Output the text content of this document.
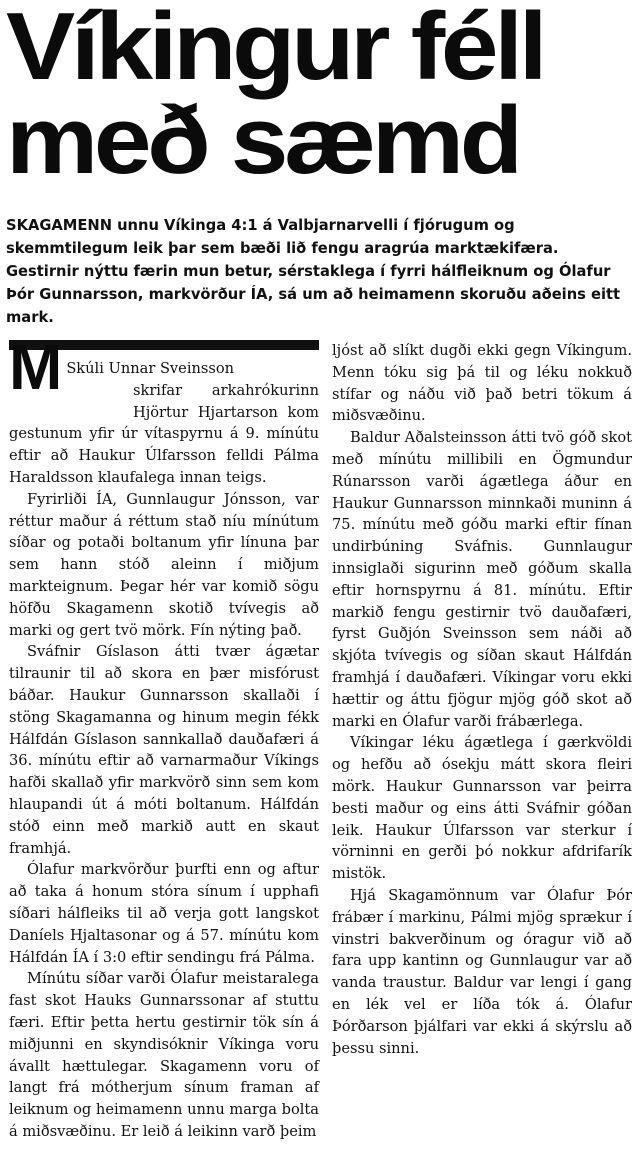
Víkingur féll
með sæmd
SKAGAMENN unnu Víkinga 4:1 á Valbjarnarvelli í fjórugum og skemmtilegum leik þar sem bæði lið fengu aragrúa marktækifæra. Gestirnir nýttu færin mun betur, sérstaklega í fyrri hálfleiknum og Ólafur Þór Gunnarsson, markvörður ÍA, sá um að heimamenn skoruðu aðeins eitt mark.

M Skúli Unnar Sveinsson
skrifar arkahrókurinn Hjörtur Hjartarson kom gestunum yfir úr vítaspyrnu á 9. mínútu eftir að Haukur Úlfarsson felldi Pálma Haraldsson klaufalega innan teigs.

Fyrirliði ÍA, Gunnlaugur Jónsson, var réttur maður á réttum stað níu mínútum síðar og potaði boltanum yfir línuna þar sem hann stóð aleinn í miðjum markteignum. Þegar hér var komið sögu höfðu Skagamenn skotið tvívegis að marki og gert tvö mörk. Fín nýting það.

Sváfnir Gíslason átti tvær ágætar tilraunir til að skora en þær misfórust báðar. Haukur Gunnarsson skallaði í stöng Skagamanna og hinum megin fékk Hálfdán Gíslason sannkallað dauðafæri á 36. mínútu eftir að varnarmaður Víkings hafði skallað yfir markvörð sinn sem kom hlaupandi út á móti boltanum. Hálfdán stóð einn með markið autt en skaut framhjá.

Ólafur markvörður þurfti enn og aftur að taka á honum stóra sínum í upphafi síðari hálfleiks til að verja gott langskot Daníels Hjaltasonar og á 57. mínútu kom Hálfdán ÍA í 3:0 eftir sendingu frá Pálma.

Mínútu síðar varði Ólafur meistaralega fast skot Hauks Gunnarssonar af stuttu færi. Eftir þetta hertu gestirnir tök sín á miðjunni en skyndisóknir Víkinga voru ávallt hættulegar. Skagamenn voru of langt frá mótherjum sínum framan af leiknum og heimamenn unnu marga bolta á miðsvæðinu. Er leið á leikinn varð þeim

ljóst að slíkt dugði ekki gegn Víkingum. Menn tóku sig þá til og léku nokkuð stífar og náðu við það betri tökum á miðsvæðinu.

Baldur Aðalsteinsson átti tvö góð skot með mínútu millibili en Ögmundur Rúnarsson varði ágætlega áður en Haukur Gunnarsson minnkaði muninn á 75. mínútu með góðu marki eftir fínan undirbúning Sváfnis. Gunnlaugur innsiglaði sigurinn með góðum skalla eftir hornspyrnu á 81. mínútu. Eftir markið fengu gestirnir tvö dauðafæri, fyrst Guðjón Sveinsson sem náði að skjóta tvívegis og síðan skaut Hálfdán framhjá í dauðafæri. Víkingar voru ekki hættir og áttu fjögur mjög góð skot að marki en Ólafur varði frábærlega.

Víkingar léku ágætlega í gærkvöldi og hefðu að ósekju mátt skora fleiri mörk. Haukur Gunnarsson var þeirra besti maður og eins átti Sváfnir góðan leik. Haukur Úlfarsson var sterkur í vörninni en gerði þó nokkur afdrifarík mistök.

Hjá Skagamönnum var Ólafur Þór frábær í markinu, Pálmi mjög sprækur í vinstri bakverðinum og óragur við að fara upp kantinn og Gunnlaugur var að vanda traustur. Baldur var lengi í gang en lék vel er líða tók á. Ólafur Þórðarson þjálfari var ekki á skýrslu að þessu sinni.
